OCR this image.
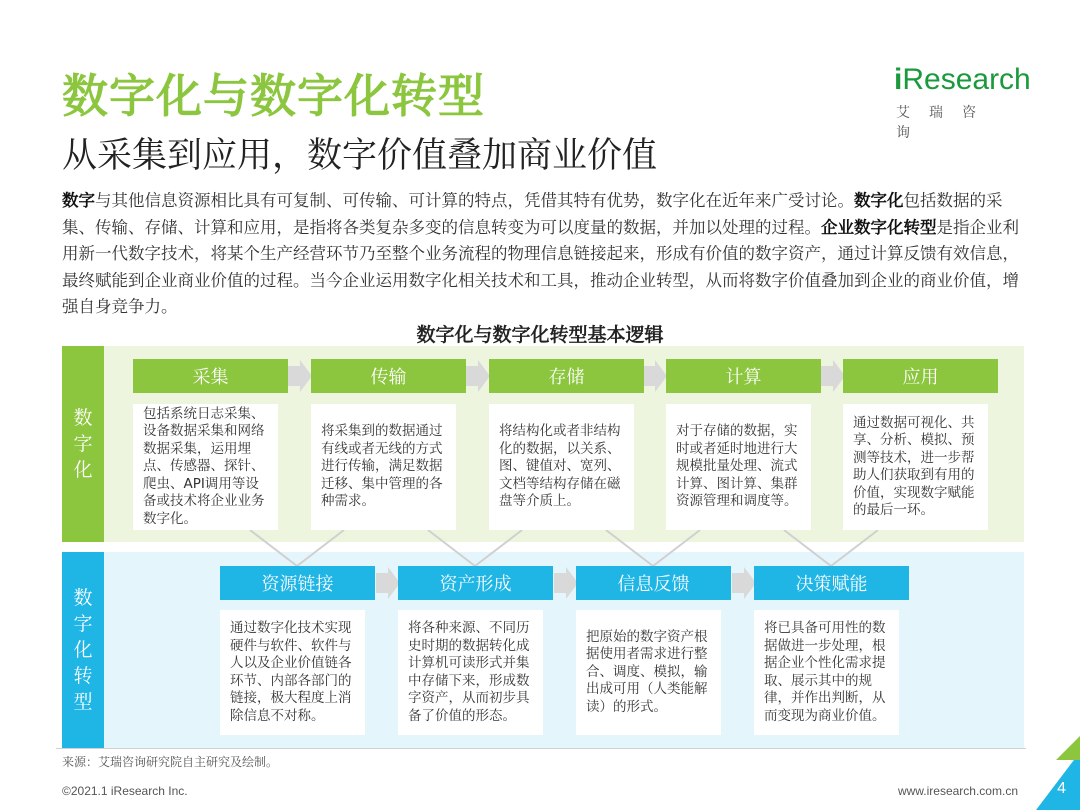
数字化与数字化转型
从采集到应用，数字价值叠加商业价值
iResearch
艾瑞咨询
数字与其他信息资源相比具有可复制、可传输、可计算的特点，凭借其特有优势，数字化在近年来广受讨论。数字化包括数据的采集、传输、存储、计算和应用，是指将各类复杂多变的信息转变为可以度量的数据，并加以处理的过程。企业数字化转型是指企业利用新一代数字技术，将某个生产经营环节乃至整个业务流程的物理信息链接起来，形成有价值的数字资产，通过计算反馈有效信息，最终赋能到企业商业价值的过程。当今企业运用数字化相关技术和工具，推动企业转型，从而将数字价值叠加到企业的商业价值，增强自身竞争力。
数字化与数字化转型基本逻辑
数
字
化
数
字
化
转
型
采集	传输	存储	计算	应用
包括系统日志采集、设备数据采集和网络数据采集，运用埋点、传感器、探针、爬虫、API调用等设备或技术将企业业务数字化。
将采集到的数据通过有线或者无线的方式进行传输，满足数据迁移、集中管理的各种需求。
将结构化或者非结构化的数据，以关系、图、键值对、宽列、文档等结构存储在磁盘等介质上。
对于存储的数据，实时或者延时地进行大规模批量处理、流式计算、图计算、集群资源管理和调度等。
通过数据可视化、共享、分析、模拟、预测等技术，进一步帮助人们获取到有用的价值，实现数字赋能的最后一环。
资源链接	资产形成	信息反馈	决策赋能
通过数字化技术实现硬件与软件、软件与人以及企业价值链各环节、内部各部门的链接，极大程度上消除信息不对称。
将各种来源、不同历史时期的数据转化成计算机可读形式并集中存储下来，形成数字资产，从而初步具备了价值的形态。
把原始的数字资产根据使用者需求进行整合、调度、模拟，输出成可用（人类能解读）的形式。
将已具备可用性的数据做进一步处理，根据企业个性化需求提取、展示其中的规律，并作出判断，从而变现为商业价值。
来源：艾瑞咨询研究院自主研究及绘制。
©2021.1 iResearch Inc.	www.iresearch.com.cn 4
